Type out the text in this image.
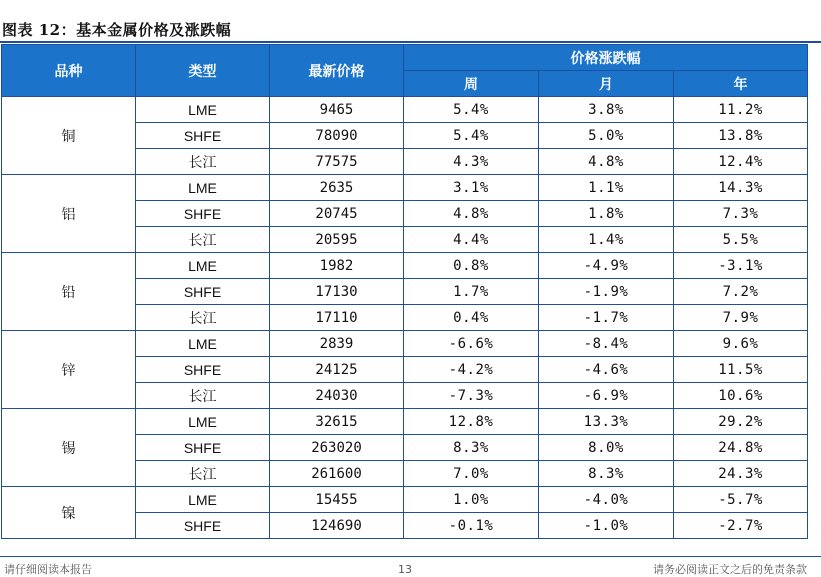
图表 12：基本金属价格及涨跌幅
品种	类型	最新价格	价格涨跌幅		
			周	月	年
铜	LME	9465	5.4%	3.8%	11.2%
	SHFE	78090	5.4%	5.0%	13.8%
	长江	77575	4.3%	4.8%	12.4%
铝	LME	2635	3.1%	1.1%	14.3%
	SHFE	20745	4.8%	1.8%	7.3%
	长江	20595	4.4%	1.4%	5.5%
铅	LME	1982	0.8%	-4.9%	-3.1%
	SHFE	17130	1.7%	-1.9%	7.2%
	长江	17110	0.4%	-1.7%	7.9%
锌	LME	2839	-6.6%	-8.4%	9.6%
	SHFE	24125	-4.2%	-4.6%	11.5%
	长江	24030	-7.3%	-6.9%	10.6%
锡	LME	32615	12.8%	13.3%	29.2%
	SHFE	263020	8.3%	8.0%	24.8%
	长江	261600	7.0%	8.3%	24.3%
镍	LME	15455	1.0%	-4.0%	-5.7%
	SHFE	124690	-0.1%	-1.0%	-2.7%
请仔细阅读本报告	13	请务必阅读正文之后的免责条款
